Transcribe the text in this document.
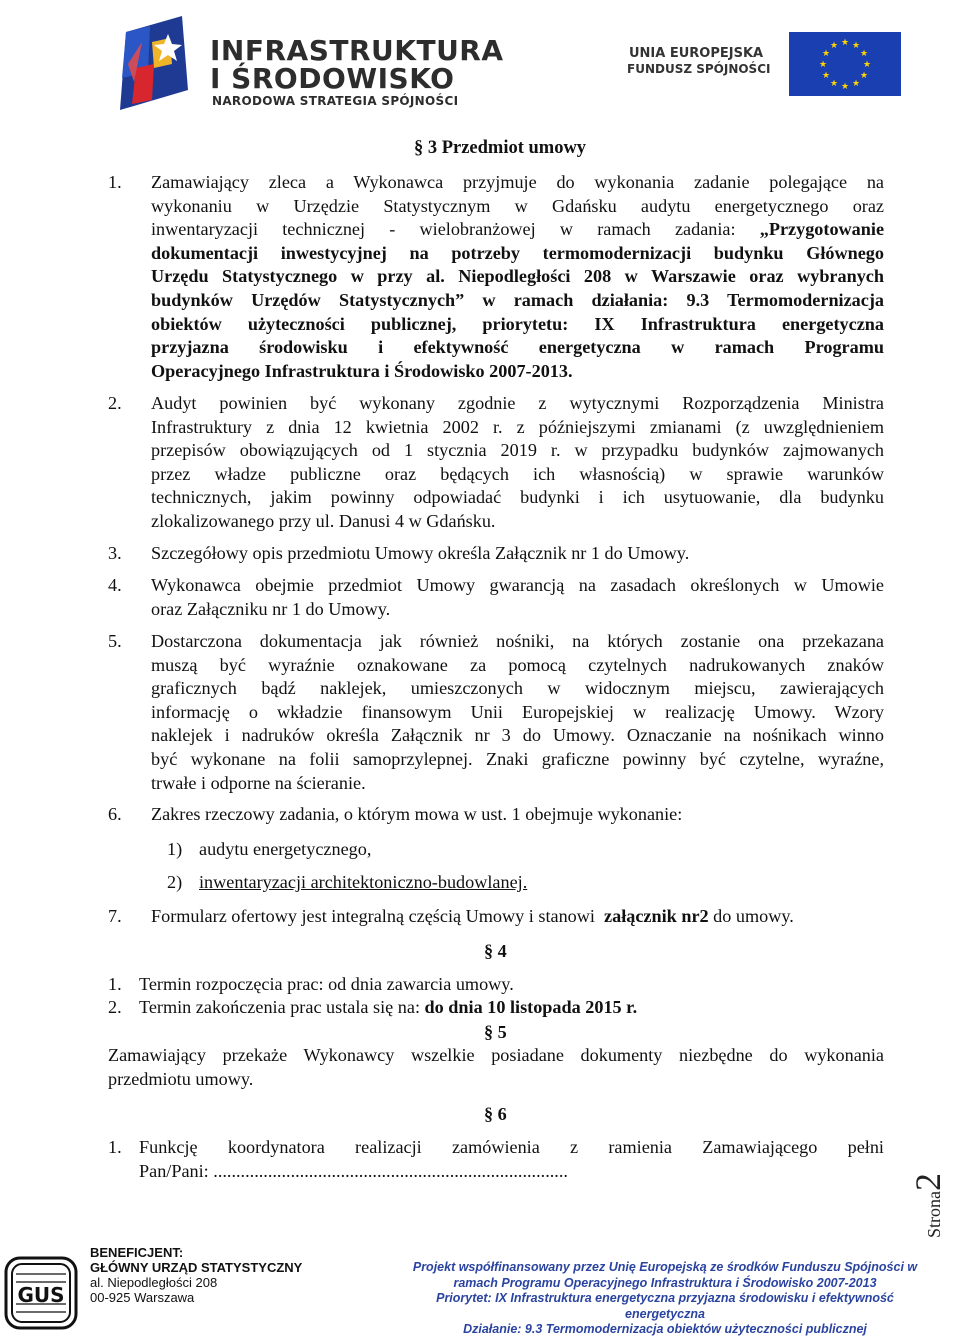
INFRASTRUKTURA
I ŚRODOWISKO
NARODOWA STRATEGIA SPÓJNOŚCI
UNIA EUROPEJSKA
FUNDUSZ SPÓJNOŚCI
★ ★
★
★
★
★
★
★
★
★
★
★
§ 3 Przedmiot umowy
1. Zamawiający zleca a Wykonawca przyjmuje do wykonania zadanie polegające na
wykonaniu w Urzędzie Statystycznym w Gdańsku audytu energetycznego oraz
inwentaryzacji technicznej - wielobranżowej w ramach zadania: „Przygotowanie
dokumentacji inwestycyjnej na potrzeby termomodernizacji budynku Głównego
Urzędu Statystycznego w przy al. Niepodległości 208 w Warszawie oraz wybranych
budynków Urzędów Statystycznych” w ramach działania: 9.3 Termomodernizacja
obiektów użyteczności publicznej, priorytetu: IX Infrastruktura energetyczna
przyjazna środowisku i efektywność energetyczna w ramach Programu
Operacyjnego Infrastruktura i Środowisko 2007-2013.
2. Audyt powinien być wykonany zgodnie z wytycznymi Rozporządzenia Ministra
Infrastruktury z dnia 12 kwietnia 2002 r. z późniejszymi zmianami (z uwzględnieniem
przepisów obowiązujących od 1 stycznia 2019 r. w przypadku budynków zajmowanych
przez władze publiczne oraz będących ich własnością) w sprawie warunków
technicznych, jakim powinny odpowiadać budynki i ich usytuowanie, dla budynku
zlokalizowanego przy ul. Danusi 4 w Gdańsku.
3. Szczegółowy opis przedmiotu Umowy określa Załącznik nr 1 do Umowy.
4. Wykonawca obejmie przedmiot Umowy gwarancją na zasadach określonych w Umowie
oraz Załączniku nr 1 do Umowy.
5. Dostarczona dokumentacja jak również nośniki, na których zostanie ona przekazana
muszą być wyraźnie oznakowane za pomocą czytelnych nadrukowanych znaków
graficznych bądź naklejek, umieszczonych w widocznym miejscu, zawierających
informację o wkładzie finansowym Unii Europejskiej w realizację Umowy. Wzory
naklejek i nadruków określa Załącznik nr 3 do Umowy. Oznaczanie na nośnikach winno
być wykonane na folii samoprzylepnej. Znaki graficzne powinny być czytelne, wyraźne,
trwałe i odporne na ścieranie.
6. Zakres rzeczowy zadania, o którym mowa w ust. 1 obejmuje wykonanie:
1) audytu energetycznego,
2) inwentaryzacji architektoniczno-budowlanej.
7. Formularz ofertowy jest integralną częścią Umowy i stanowi załącznik nr2 do umowy.
§ 4
1. Termin rozpoczęcia prac: od dnia zawarcia umowy.
2. Termin zakończenia prac ustala się na: do dnia 10 listopada 2015 r.
§ 5
Zamawiający przekaże Wykonawcy wszelkie posiadane dokumenty niezbędne do wykonania
przedmiotu umowy.
§ 6
1. Funkcję koordynatora realizacji zamówienia z ramienia Zamawiającego pełni
Pan/Pani: ..............................................................................
Strona2
GUS
BENEFICJENT:
GŁÓWNY URZĄD STATYSTYCZNY
al. Niepodległości 208
00-925 Warszawa
Projekt współfinansowany przez Unię Europejską ze środków Funduszu Spójności w
ramach Programu Operacyjnego Infrastruktura i Środowisko 2007-2013
Priorytet: IX Infrastruktura energetyczna przyjazna środowisku i efektywność
energetyczna
Działanie: 9.3 Termomodernizacja obiektów użyteczności publicznej
